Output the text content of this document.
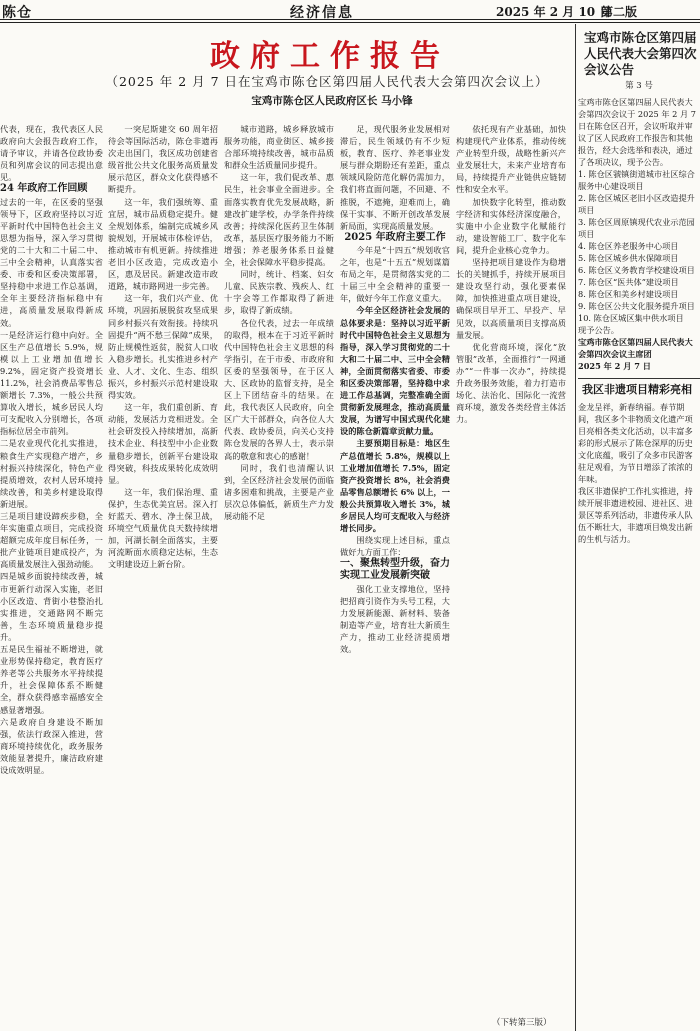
陈仓	经济信息	2025 年 2 月 10 日
第二版
政府工作报告
（2025 年 2 月 7 日在宝鸡市陈仓区第四届人民代表大会第四次会议上）
宝鸡市陈仓区人民政府区长 马小锋

代表，现在，我代表区人民政府向大会报告政府工作，请予审议，并请各位政协委员和列席会议的同志提出意见。

24 年政府工作回顾

过去的一年，在区委的坚强领导下，区政府坚持以习近平新时代中国特色社会主义思想为指导，深入学习贯彻党的二十大和二十届二中、三中全会精神，认真落实省委、市委和区委决策部署，坚持稳中求进工作总基调，全年主要经济指标稳中有进，高质量发展取得新成效。

一是经济运行稳中向好。全区生产总值增长 5.9%，规模以上工业增加值增长 9.2%，固定资产投资增长 11.2%，社会消费品零售总额增长 7.3%，一般公共预算收入增长，城乡居民人均可支配收入分别增长，各项指标位居全市前列。

二是农业现代化扎实推进，粮食生产实现稳产增产，乡村振兴持续深化，特色产业提质增效，农村人居环境持续改善，和美乡村建设取得新进展。

三是项目建设蹄疾步稳，全年实施重点项目，完成投资超额完成年度目标任务，一批产业链项目建成投产，为高质量发展注入强劲动能。

四是城乡面貌持续改善，城市更新行动深入实施，老旧小区改造、背街小巷整治扎实推进，交通路网不断完善，生态环境质量稳步提升。

五是民生福祉不断增进，就业形势保持稳定，教育医疗养老等公共服务水平持续提升，社会保障体系不断健全，群众获得感幸福感安全感显著增强。

六是政府自身建设不断加强，依法行政深入推进，营商环境持续优化，政务服务效能显著提升，廉洁政府建设成效明显。

一突尼斯建交 60 周年招待会等国际活动，陈仓非遗再次走出国门，我区成功创建省级首批公共文化服务高质量发展示范区，群众文化获得感不断提升。

这一年，我们强统筹、重宜居，城市品质稳定提升。健全规划体系，编制完成城乡风貌规划，开展城市体检评估，推动城市有机更新。持续推进老旧小区改造，完成改造小区，惠及居民。新建改造市政道路，城市路网进一步完善。

这一年，我们兴产业、优环境，巩固拓展脱贫攻坚成果同乡村振兴有效衔接。持续巩固提升“两不愁三保障”成果，防止规模性返贫，脱贫人口收入稳步增长。扎实推进乡村产业、人才、文化、生态、组织振兴，乡村振兴示范村建设取得实效。

这一年，我们重创新、育动能，发展活力竞相迸发。全社会研发投入持续增加，高新技术企业、科技型中小企业数量稳步增长，创新平台建设取得突破，科技成果转化成效明显。

这一年，我们保治理、重保护，生态优美宜居。深入打好蓝天、碧水、净土保卫战，环境空气质量优良天数持续增加，河湖长制全面落实，主要河流断面水质稳定达标，生态文明建设迈上新台阶。

城市道路，城乡释放城市服务功能，商业街区、城乡接合部环境持续改善，城市品质和群众生活质量同步提升。

这一年，我们促改革、惠民生，社会事业全面进步。全面落实教育优先发展战略，新建改扩建学校，办学条件持续改善；持续深化医药卫生体制改革，基层医疗服务能力不断增强；养老服务体系日益健全，社会保障水平稳步提高。

同时，统计、档案、妇女儿童、民族宗教、残疾人、红十字会等工作都取得了新进步，取得了新成绩。

各位代表，过去一年成绩的取得，根本在于习近平新时代中国特色社会主义思想的科学指引，在于市委、市政府和区委的坚强领导，在于区人大、区政协的监督支持，是全区上下团结奋斗的结果。在此，我代表区人民政府，向全区广大干部群众，向各位人大代表、政协委员，向关心支持陈仓发展的各界人士，表示崇高的敬意和衷心的感谢！

同时，我们也清醒认识到，全区经济社会发展仍面临诸多困难和挑战，主要是产业层次总体偏低，新质生产力发展动能不足

足，现代服务业发展相对滞后，民生领域仍有不少短板，教育、医疗、养老事业发展与群众期盼还有差距，重点领域风险防范化解仍需加力，我们将直面问题，不回避、不推脱，不遮掩，迎难而上，确保干实事、不断开创改革发展新局面，实现高质量发展。

2025 年政府主要工作

今年是“十四五”规划收官之年，也是“十五五”规划谋篇布局之年，是贯彻落实党的二十届三中全会精神的重要一年，做好今年工作意义重大。

今年全区经济社会发展的总体要求是：坚持以习近平新时代中国特色社会主义思想为指导，深入学习贯彻党的二十大和二十届二中、三中全会精神，全面贯彻落实省委、市委和区委决策部署，坚持稳中求进工作总基调，完整准确全面贯彻新发展理念，推动高质量发展，为谱写中国式现代化建设的陈仓新篇章贡献力量。

主要预期目标是：地区生产总值增长 5.8%，规模以上工业增加值增长 7.5%，固定资产投资增长 8%，社会消费品零售总额增长 6% 以上，一般公共预算收入增长 3%，城乡居民人均可支配收入与经济增长同步。

围绕实现上述目标，重点做好九方面工作：

一、聚焦转型升级，奋力实现工业发展新突破

强化工业支撑地位，坚持把招商引资作为头号工程，大力发展新能源、新材料、装备制造等产业，培育壮大新质生产力，推动工业经济提质增效。

依托现有产业基础，加快构建现代产业体系，推动传统产业转型升级，战略性新兴产业发展壮大，未来产业培育布局，持续提升产业链供应链韧性和安全水平。

加快数字化转型，推动数字经济和实体经济深度融合，实施中小企业数字化赋能行动，建设智能工厂、数字化车间，提升企业核心竞争力。

坚持把项目建设作为稳增长的关键抓手，持续开展项目建设攻坚行动，强化要素保障，加快推进重点项目建设，确保项目早开工、早投产、早见效，以高质量项目支撑高质量发展。

优化营商环境，深化“放管服”改革，全面推行“一网通办”“一件事一次办”，持续提升政务服务效能，着力打造市场化、法治化、国际化一流营商环境，激发各类经营主体活力。

（下转第三版）
宝鸡市陈仓区第四届人民代表大会第四次会议公告
第 3 号

宝鸡市陈仓区第四届人民代表大会第四次会议于 2025 年 2 月 7 日在陈仓区召开，会议听取并审议了区人民政府工作报告和其他报告，经大会选举和表决，通过了各项决议，现予公告。

1. 陈仓区虢镇街道城市社区综合服务中心建设项目

2. 陈仓区城区老旧小区改造提升项目

3. 陈仓区周原镇现代农业示范园项目

4. 陈仓区养老服务中心项目

5. 陈仓区城乡供水保障项目

6. 陈仓区义务教育学校建设项目

7. 陈仓区“医共体”建设项目

8. 陈仓区和美乡村建设项目

9. 陈仓区公共文化服务提升项目

10. 陈仓区城区集中供水项目

现予公告。

宝鸡市陈仓区第四届人民代表大会第四次会议主席团

2025 年 2 月 7 日

我区非遗项目精彩亮相

金龙呈祥，新春纳福。春节期间，我区多个非物质文化遗产项目亮相各类文化活动，以丰富多彩的形式展示了陈仓深厚的历史文化底蕴，吸引了众多市民游客驻足观看，为节日增添了浓浓的年味。

我区非遗保护工作扎实推进，持续开展非遗进校园、进社区、进景区等系列活动，非遗传承人队伍不断壮大，非遗项目焕发出新的生机与活力。
